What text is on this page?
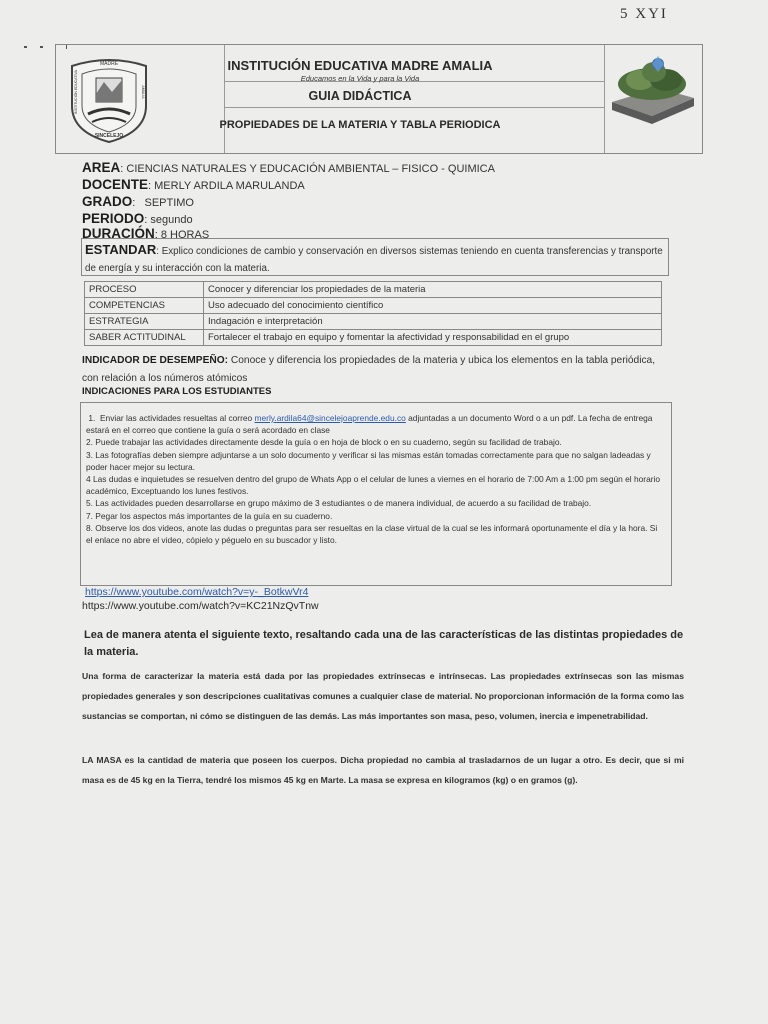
5 XYI
MADRE
SINCELEJO
INSTITUCIÓN EDUCATIVA	AMALIA
INSTITUCIÓN EDUCATIVA MADRE AMALIA
Educamos en la Vida y para la Vida
GUIA DIDÁCTICA
PROPIEDADES DE LA MATERIA Y TABLA PERIODICA
AREA: CIENCIAS NATURALES Y EDUCACIÓN AMBIENTAL – FISICO - QUIMICA
DOCENTE: MERLY ARDILA MARULANDA
GRADO:   SEPTIMO
PERIODO: segundo
DURACIÓN: 8 HORAS
ESTANDAR: Explico condiciones de cambio y conservación en diversos sistemas teniendo en cuenta transferencias y transporte de energía y su interacción con la materia.
PROCESO	Conocer y diferenciar los propiedades de la materia
COMPETENCIAS	Uso adecuado del conocimiento científico
ESTRATEGIA	Indagación e interpretación
SABER ACTITUDINAL	Fortalecer el trabajo en equipo y fomentar la afectividad y responsabilidad en el grupo
INDICADOR DE DESEMPEÑO: Conoce y diferencia los propiedades de la materia y ubica los elementos en la tabla periódica, con relación a los números atómicos
INDICACIONES PARA LOS ESTUDIANTES
1.  Enviar las actividades resueltas al correo merly.ardila64@sincelejoaprende.edu.co adjuntadas a un documento Word o a un pdf. La fecha de entrega estará en el correo que contiene la guía o será acordado en clase
2. Puede trabajar las actividades directamente desde la guía o en hoja de block o en su cuaderno, según su facilidad de trabajo.
3. Las fotografías deben siempre adjuntarse a un solo documento y verificar si las mismas están tomadas correctamente para que no salgan ladeadas y poder hacer mejor su lectura.
4 Las dudas e inquietudes se resuelven dentro del grupo de Whats App o el celular de lunes a viernes en el horario de 7:00 Am a 1:00 pm según el horario académico, Exceptuando los lunes festivos.
5. Las actividades pueden desarrollarse en grupo máximo de 3 estudiantes o de manera individual, de acuerdo a su facilidad de trabajo.
7. Pegar los aspectos más importantes de la guía en su cuaderno.
8. Observe los dos videos, anote las dudas o preguntas para ser resueltas en la clase virtual de la cual se les informará oportunamente el día y la hora. Si el enlace no abre el video, cópielo y péguelo en su buscador y listo.
https://www.youtube.com/watch?v=y-_BotkwVr4
https://www.youtube.com/watch?v=KC21NzQvTnw
Lea de manera atenta el siguiente texto, resaltando cada una de las características de las distintas propiedades de la materia.
Una forma de caracterizar la materia está dada por las propiedades extrínsecas e intrínsecas. Las propiedades extrínsecas son las mismas propiedades generales y son descripciones cualitativas comunes a cualquier clase de material. No proporcionan información de la forma como las sustancias se comportan, ni cómo se distinguen de las demás. Las más importantes son masa, peso, volumen, inercia e impenetrabilidad.
LA MASA es la cantidad de materia que poseen los cuerpos. Dicha propiedad no cambia al trasladarnos de un lugar a otro. Es decir, que si mi masa es de 45 kg en la Tierra, tendré los mismos 45 kg en Marte. La masa se expresa en kilogramos (kg) o en gramos (g).
